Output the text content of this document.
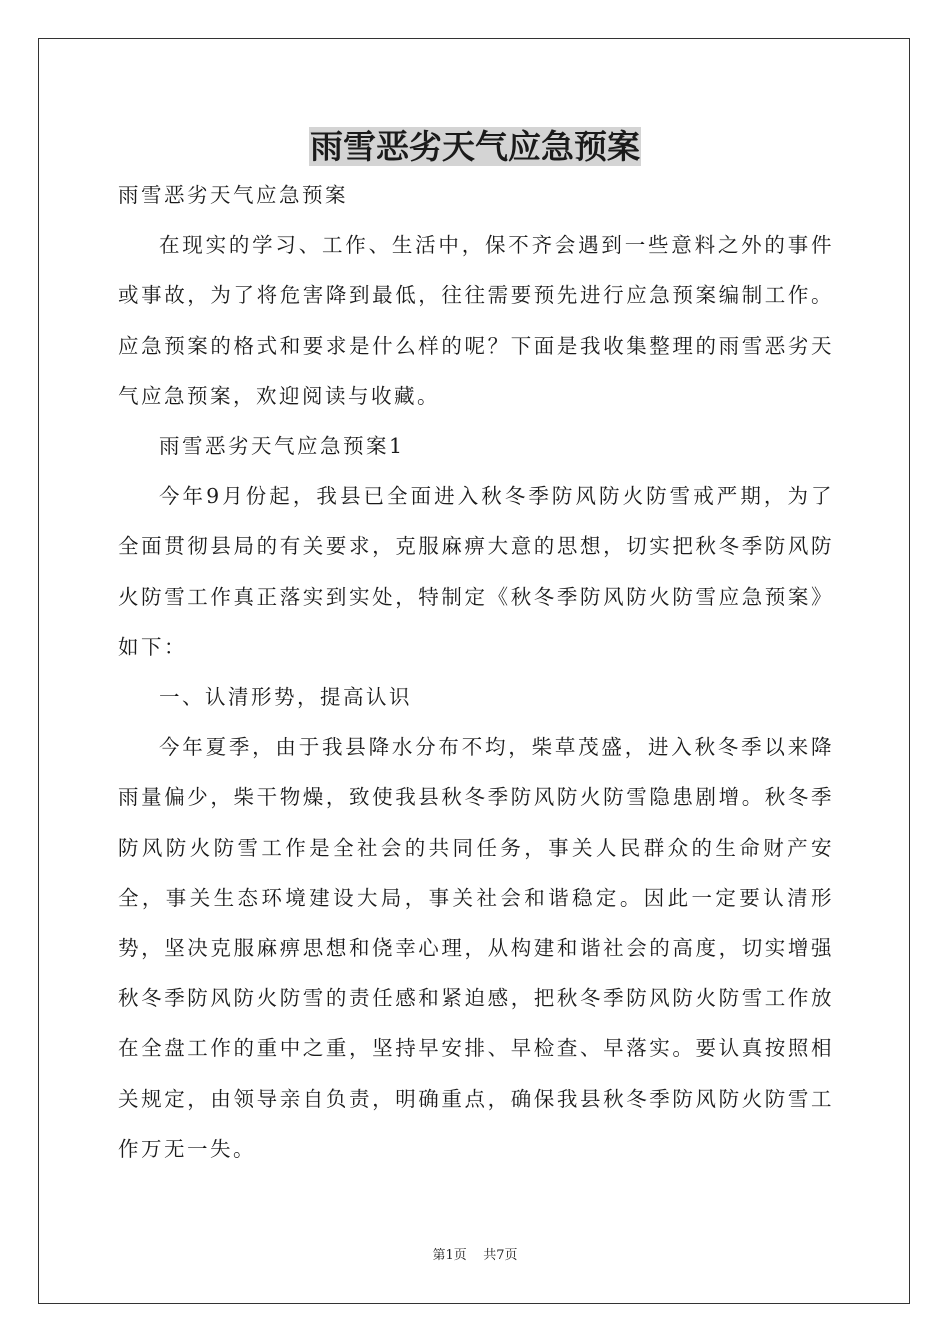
雨雪恶劣天气应急预案

雨雪恶劣天气应急预案

在现实的学习、工作、生活中，保不齐会遇到一些意料之外的事件或事故，为了将危害降到最低，往往需要预先进行应急预案编制工作。应急预案的格式和要求是什么样的呢？下面是我收集整理的雨雪恶劣天气应急预案，欢迎阅读与收藏。

雨雪恶劣天气应急预案1

今年9月份起，我县已全面进入秋冬季防风防火防雪戒严期，为了全面贯彻县局的有关要求，克服麻痹大意的思想，切实把秋冬季防风防火防雪工作真正落实到实处，特制定《秋冬季防风防火防雪应急预案》如下：

一、认清形势，提高认识

今年夏季，由于我县降水分布不均，柴草茂盛，进入秋冬季以来降雨量偏少，柴干物燥，致使我县秋冬季防风防火防雪隐患剧增。秋冬季防风防火防雪工作是全社会的共同任务，事关人民群众的生命财产安全，事关生态环境建设大局，事关社会和谐稳定。因此一定要认清形势，坚决克服麻痹思想和侥幸心理，从构建和谐社会的高度，切实增强秋冬季防风防火防雪的责任感和紧迫感，把秋冬季防风防火防雪工作放在全盘工作的重中之重，坚持早安排、早检查、早落实。要认真按照相关规定，由领导亲自负责，明确重点，确保我县秋冬季防风防火防雪工作万无一失。

第1页 共7页
